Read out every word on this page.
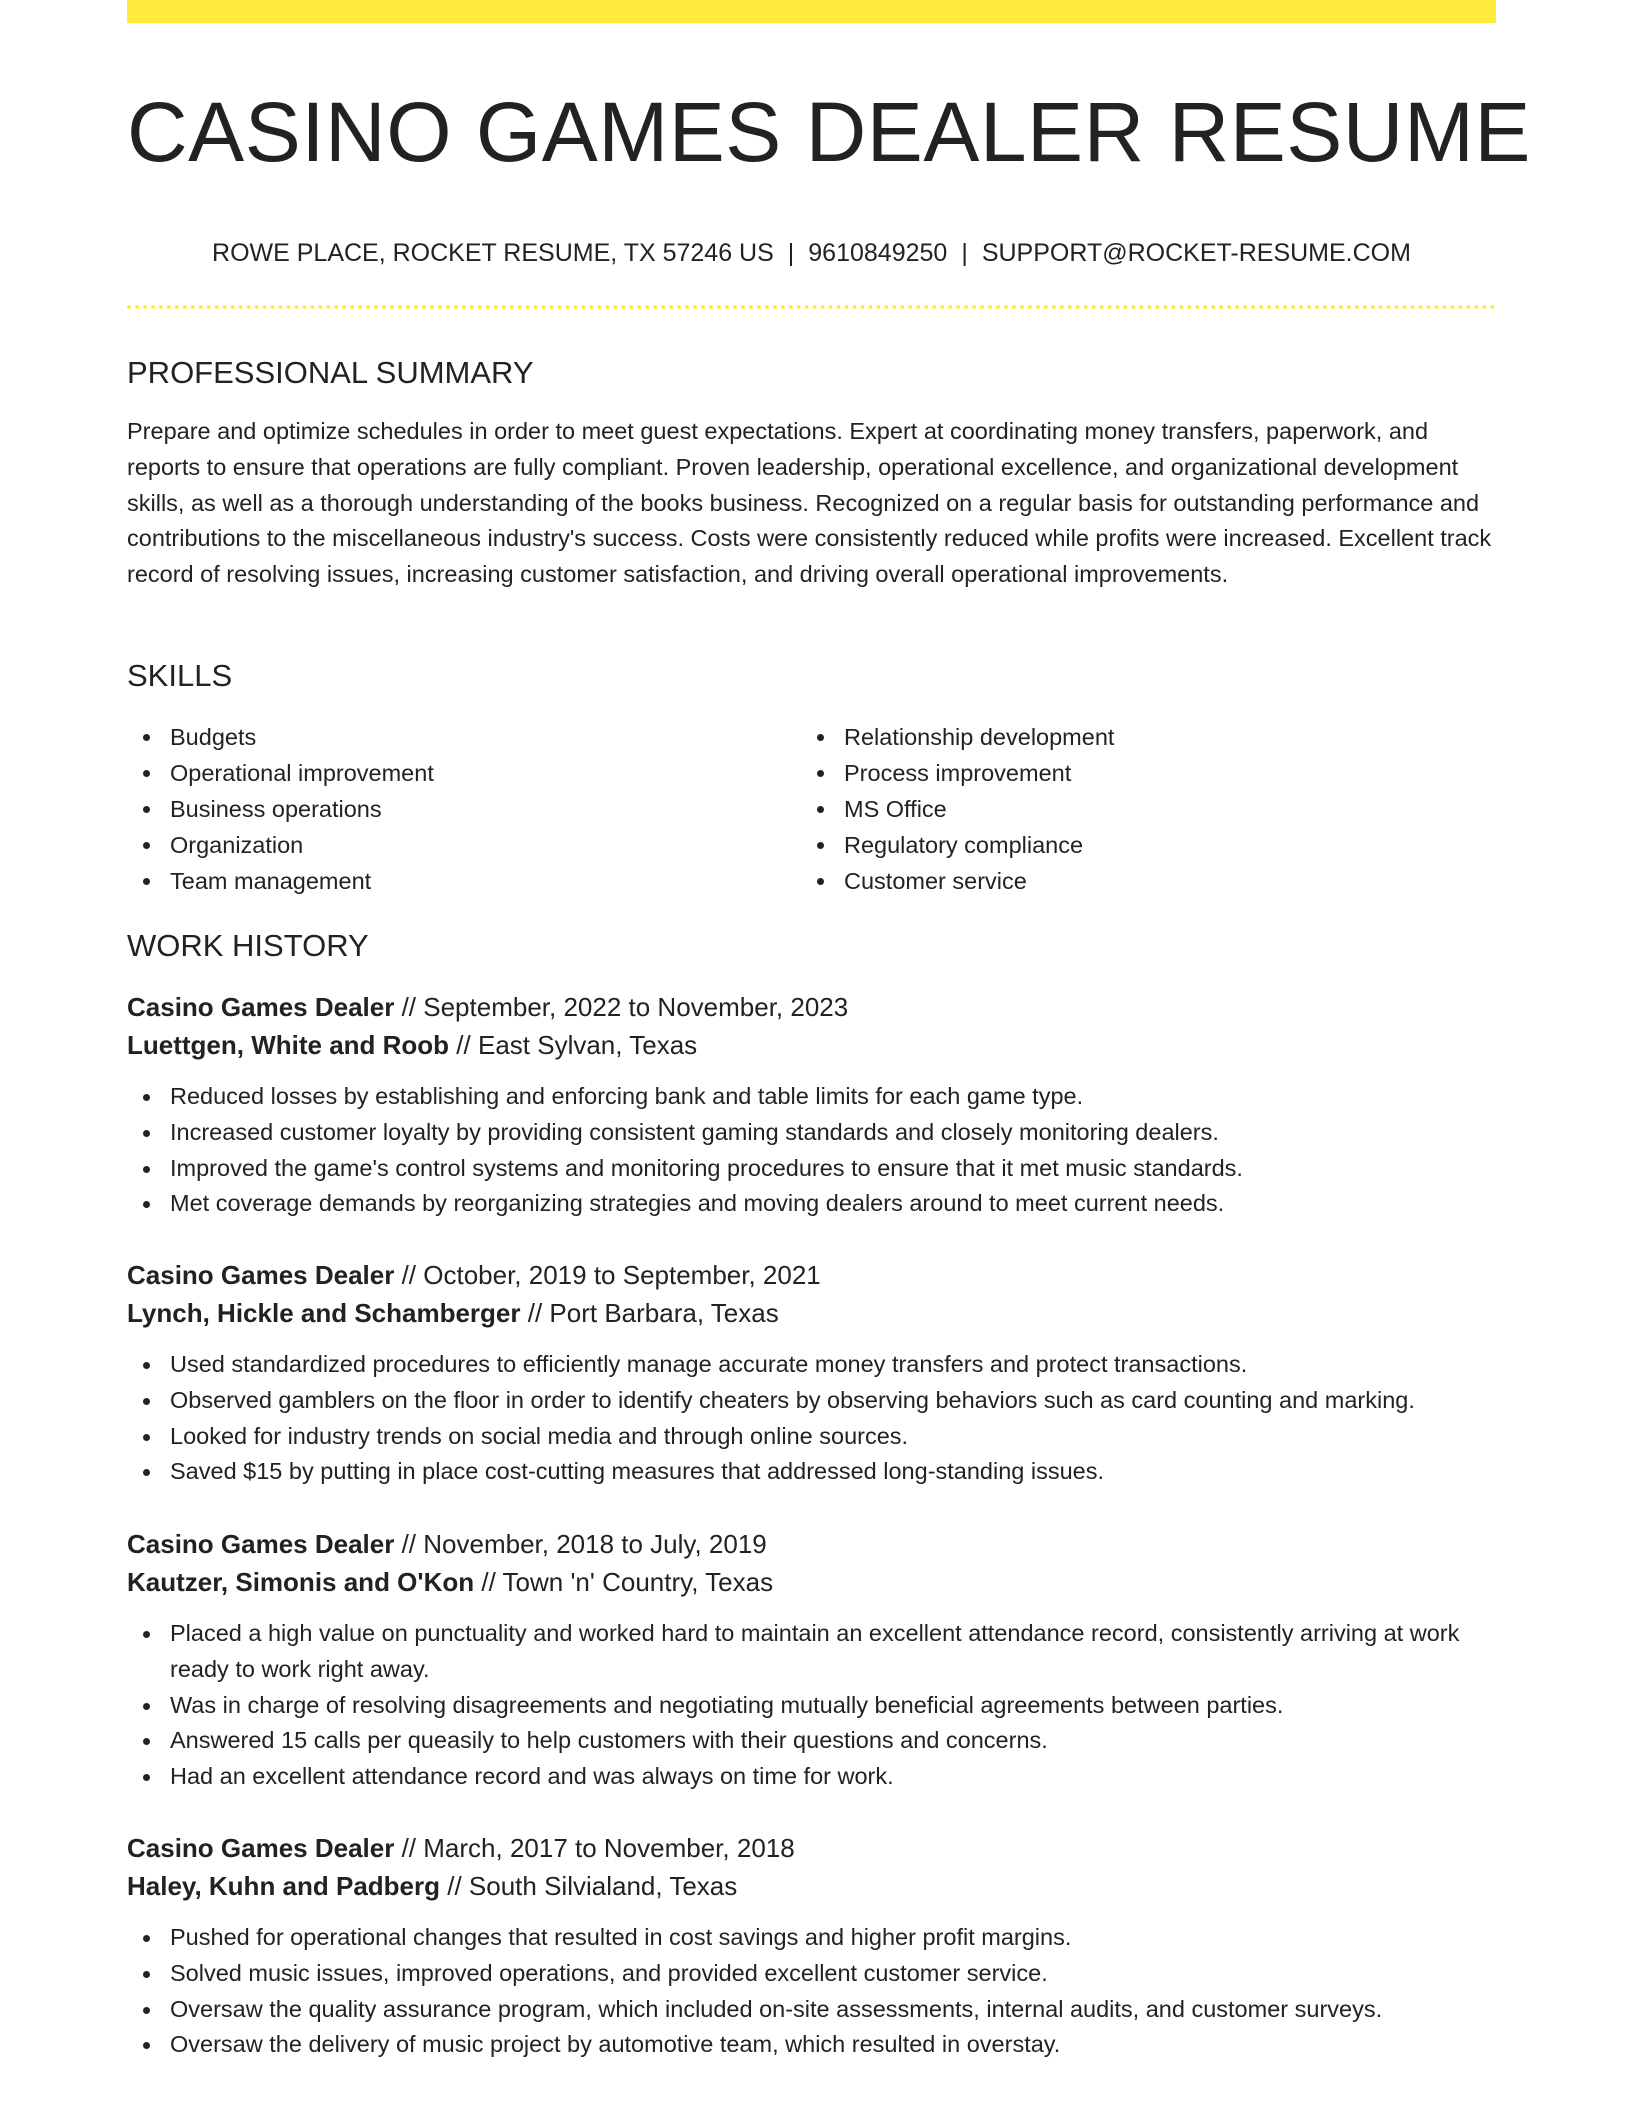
CASINO GAMES DEALER RESUME
ROWE PLACE, ROCKET RESUME, TX 57246 US | 9610849250 | SUPPORT@ROCKET-RESUME.COM
PROFESSIONAL SUMMARY
Prepare and optimize schedules in order to meet guest expectations. Expert at coordinating money transfers, paperwork, and reports to ensure that operations are fully compliant. Proven leadership, operational excellence, and organizational development skills, as well as a thorough understanding of the books business. Recognized on a regular basis for outstanding performance and contributions to the miscellaneous industry's success. Costs were consistently reduced while profits were increased. Excellent track record of resolving issues, increasing customer satisfaction, and driving overall operational improvements.
SKILLS
Budgets
Operational improvement
Business operations
Organization
Team management
Relationship development
Process improvement
MS Office
Regulatory compliance
Customer service
WORK HISTORY
Casino Games Dealer // September, 2022 to November, 2023
Luettgen, White and Roob // East Sylvan, Texas
Reduced losses by establishing and enforcing bank and table limits for each game type.
Increased customer loyalty by providing consistent gaming standards and closely monitoring dealers.
Improved the game's control systems and monitoring procedures to ensure that it met music standards.
Met coverage demands by reorganizing strategies and moving dealers around to meet current needs.
Casino Games Dealer // October, 2019 to September, 2021
Lynch, Hickle and Schamberger // Port Barbara, Texas
Used standardized procedures to efficiently manage accurate money transfers and protect transactions.
Observed gamblers on the floor in order to identify cheaters by observing behaviors such as card counting and marking.
Looked for industry trends on social media and through online sources.
Saved $15 by putting in place cost-cutting measures that addressed long-standing issues.
Casino Games Dealer // November, 2018 to July, 2019
Kautzer, Simonis and O'Kon // Town 'n' Country, Texas
Placed a high value on punctuality and worked hard to maintain an excellent attendance record, consistently arriving at work ready to work right away.
Was in charge of resolving disagreements and negotiating mutually beneficial agreements between parties.
Answered 15 calls per queasily to help customers with their questions and concerns.
Had an excellent attendance record and was always on time for work.
Casino Games Dealer // March, 2017 to November, 2018
Haley, Kuhn and Padberg // South Silvialand, Texas
Pushed for operational changes that resulted in cost savings and higher profit margins.
Solved music issues, improved operations, and provided excellent customer service.
Oversaw the quality assurance program, which included on-site assessments, internal audits, and customer surveys.
Oversaw the delivery of music project by automotive team, which resulted in overstay.
